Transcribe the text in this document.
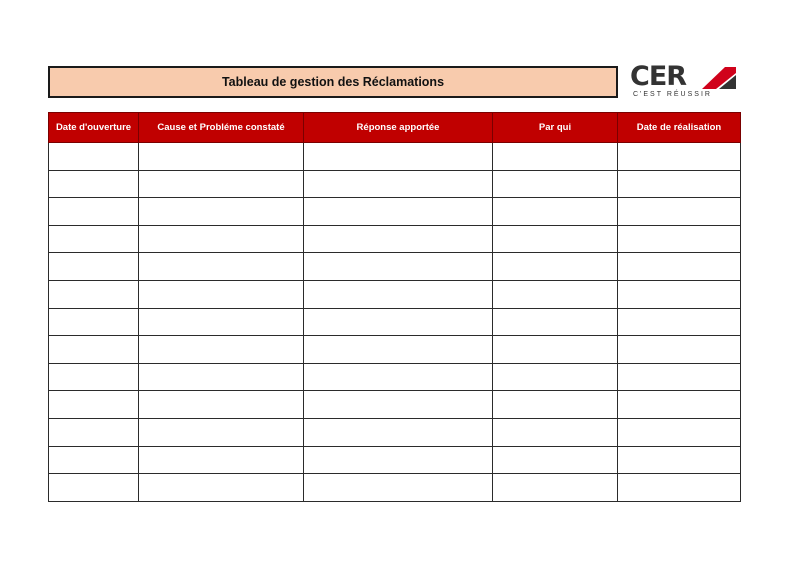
Tableau de gestion des Réclamations	CER
C'EST RÉUSSIR
Date d'ouverture	Cause et Probléme constaté	Réponse apportée	Par qui	Date de réalisation
